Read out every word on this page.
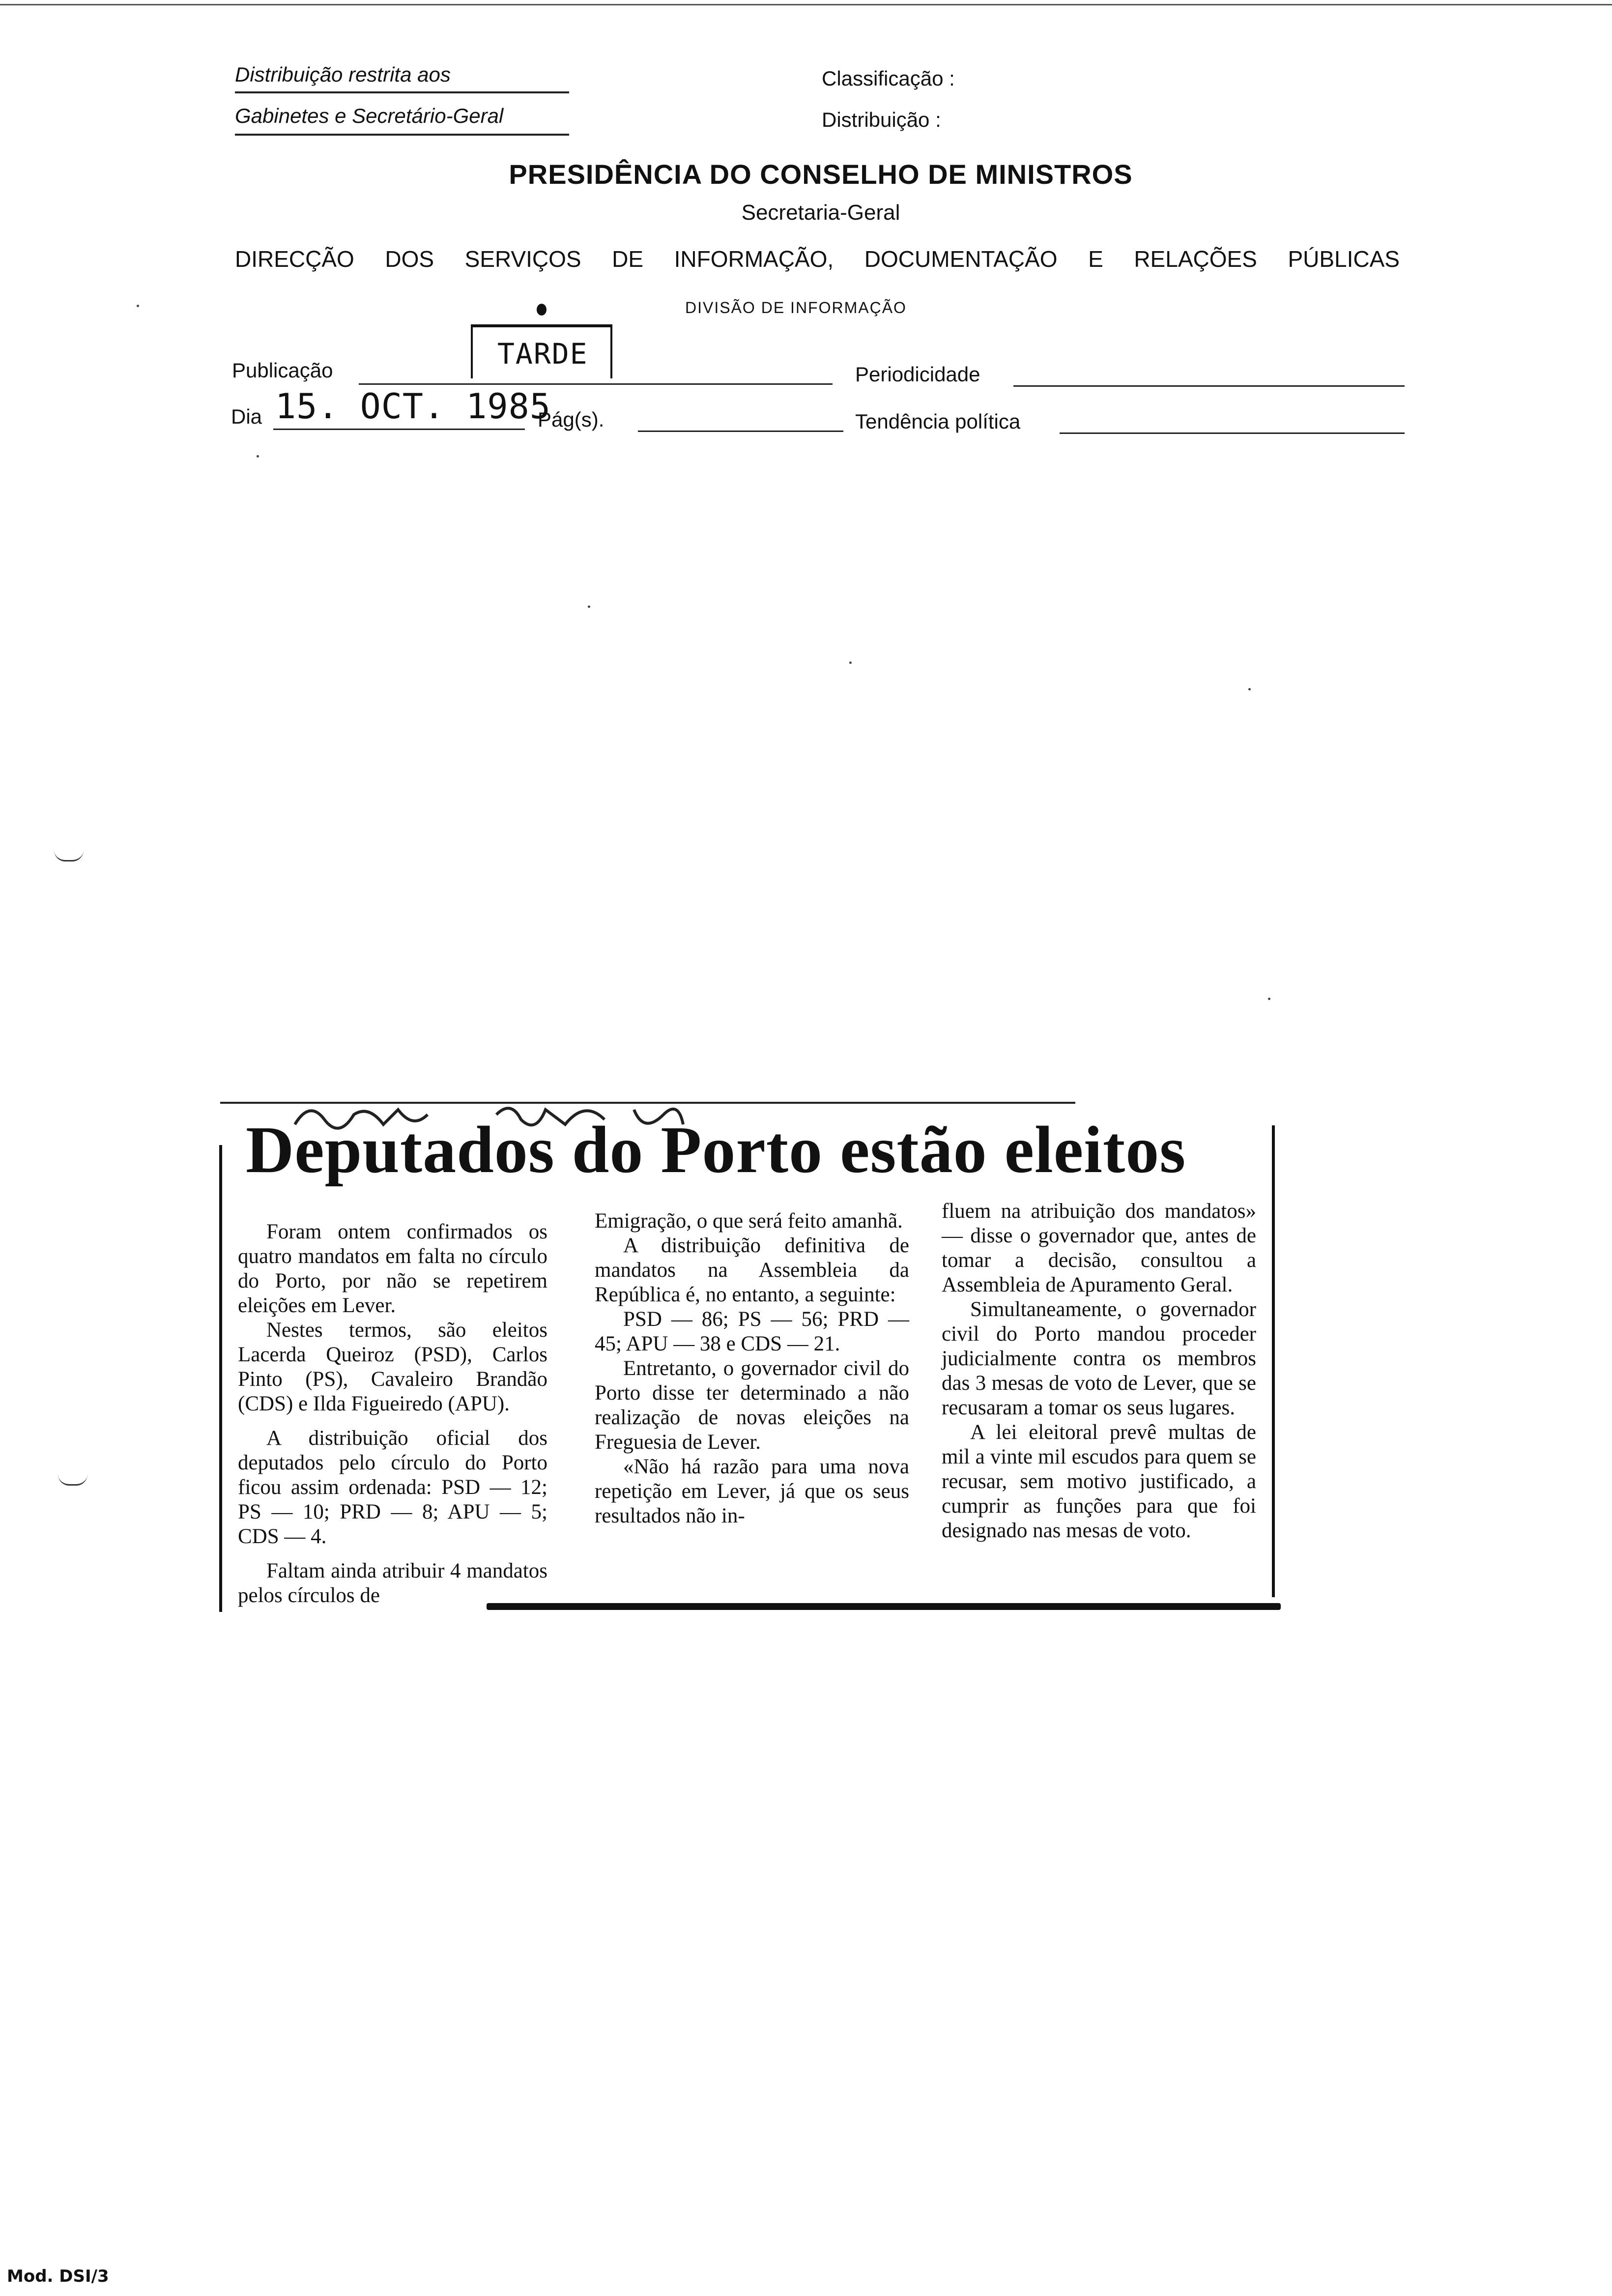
Distribuição restrita aos
Gabinetes e Secretário-Geral
Classificação :
Distribuição :
PRESIDÊNCIA DO CONSELHO DE MINISTROS
Secretaria-Geral
DIRECÇÃO DOS SERVIÇOS DE INFORMAÇÃO, DOCUMENTAÇÃO E RELAÇÕES PÚBLICAS
DIVISÃO DE INFORMAÇÃO
Publicação	TARDE
Periodicidade
Dia 15. OCT. 1985
Pág(s).	Tendência política
Deputados do Porto estão eleitos

Foram ontem confirmados os quatro mandatos em falta no círculo do Porto, por não se repetirem eleições em Lever.

Nestes termos, são eleitos Lacerda Queiroz (PSD), Carlos Pinto (PS), Cavaleiro Brandão (CDS) e Ilda Figueiredo (APU).

A distribuição oficial dos deputados pelo círculo do Porto ficou assim ordenada: PSD — 12; PS — 10; PRD — 8; APU — 5; CDS — 4.

Faltam ainda atribuir 4 mandatos pelos círculos de

Emigração, o que será feito amanhã.

A distribuição definitiva de mandatos na Assembleia da República é, no entanto, a seguinte:

PSD — 86; PS — 56; PRD — 45; APU — 38 e CDS — 21.

Entretanto, o governador civil do Porto disse ter determinado a não realização de novas eleições na Freguesia de Lever.

«Não há razão para uma nova repetição em Lever, já que os seus resultados não in-

fluem na atribuição dos mandatos» — disse o governador que, antes de tomar a decisão, consultou a Assembleia de Apuramento Geral.

Simultaneamente, o governador civil do Porto mandou proceder judicialmente contra os membros das 3 mesas de voto de Lever, que se recusaram a tomar os seus lugares.

A lei eleitoral prevê multas de mil a vinte mil escudos para quem se recusar, sem motivo justificado, a cumprir as funções para que foi designado nas mesas de voto.

Mod. DSI/3
